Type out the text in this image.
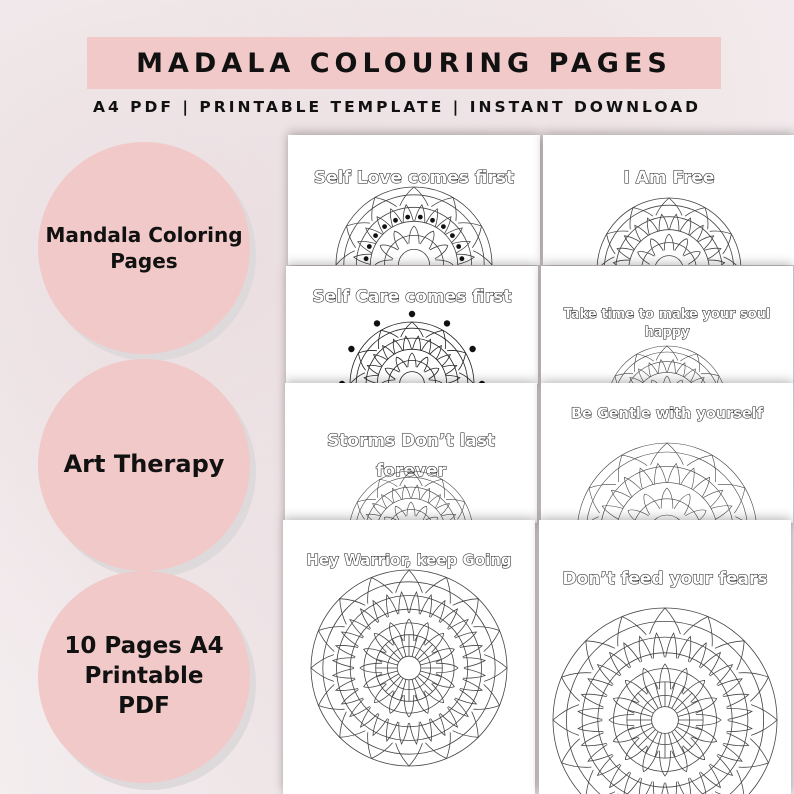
MADALA COLOURING PAGES
A4 PDF | PRINTABLE TEMPLATE | INSTANT DOWNLOAD
Mandala Coloring
Pages
Art Therapy
10 Pages A4
Printable
PDF
Self Love comes first	I Am Free
Self Care comes first
Take time to make your soul
happy
Storms Don’t last
forever
Be Gentle with yourself
Hey Warrior, keep Going
Don’t feed your fears
